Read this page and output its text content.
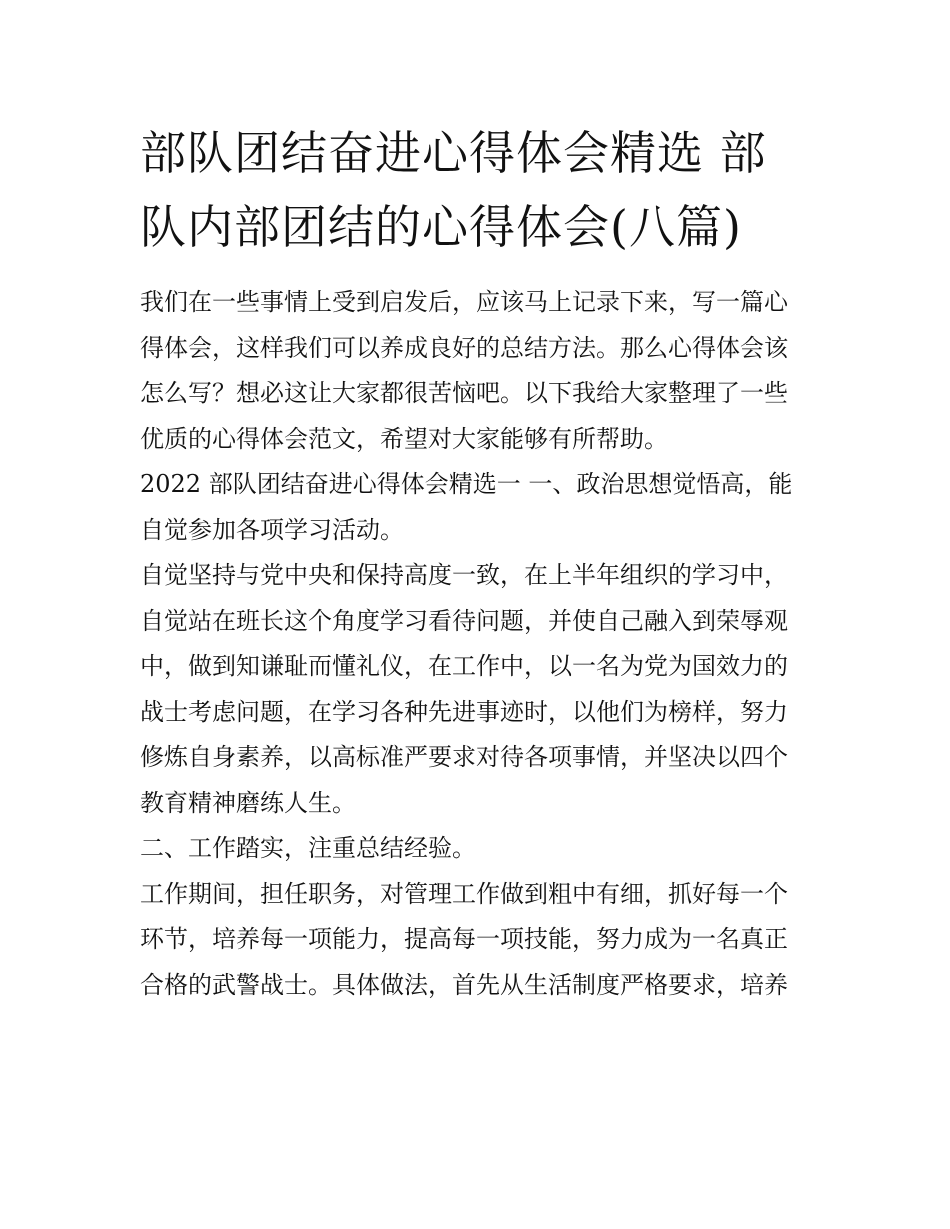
部队团结奋进心得体会精选 部
队内部团结的心得体会(八篇)

我们在一些事情上受到启发后，应该马上记录下来，写一篇心
得体会，这样我们可以养成良好的总结方法。那么心得体会该
怎么写？想必这让大家都很苦恼吧。以下我给大家整理了一些
优质的心得体会范文，希望对大家能够有所帮助。

2022 部队团结奋进心得体会精选一 一、政治思想觉悟高，能
自觉参加各项学习活动。

自觉坚持与党中央和保持高度一致，在上半年组织的学习中，
自觉站在班长这个角度学习看待问题，并使自己融入到荣辱观
中，做到知谦耻而懂礼仪，在工作中，以一名为党为国效力的
战士考虑问题，在学习各种先进事迹时，以他们为榜样，努力
修炼自身素养，以高标准严要求对待各项事情，并坚决以四个
教育精神磨练人生。

二、工作踏实，注重总结经验。

工作期间，担任职务，对管理工作做到粗中有细，抓好每一个
环节，培养每一项能力，提高每一项技能，努力成为一名真正
合格的武警战士。具体做法，首先从生活制度严格要求，培养
